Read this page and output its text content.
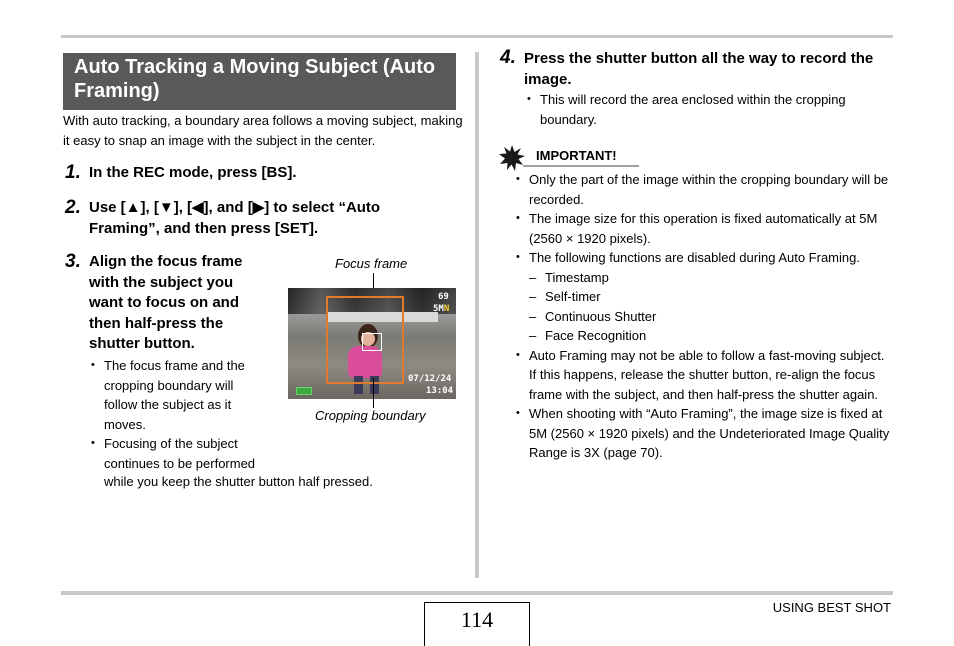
Auto Tracking a Moving Subject (Auto Framing)

With auto tracking, a boundary area follows a moving subject, making it easy to snap an image with the subject in the center.

1. In the REC mode, press [BS].
2. Use [▲], [▼], [◀], and [▶] to select “Auto Framing”, and then press [SET].
3. Align the focus frame with the subject you want to focus on and then half-press the shutter button.
• The focus frame and the cropping boundary will follow the subject as it moves.
• Focusing of the subject continues to be performed
while you keep the shutter button half pressed.
Focus frame
69
5MN
07/12/24
13:04
Cropping boundary
4. Press the shutter button all the way to record the image.
• This will record the area enclosed within the cropping boundary.
IMPORTANT!
• Only the part of the image within the cropping boundary will be recorded.
• The image size for this operation is fixed automatically at 5M (2560 × 1920 pixels).
• The following functions are disabled during Auto Framing.
– Timestamp
– Self-timer
– Continuous Shutter
– Face Recognition
• Auto Framing may not be able to follow a fast-moving subject. If this happens, release the shutter button, re-align the focus frame with the subject, and then half-press the shutter again.
• When shooting with “Auto Framing”, the image size is fixed at 5M (2560 × 1920 pixels) and the Undeteriorated Image Quality Range is 3X (page 70).
114	USING BEST SHOT
